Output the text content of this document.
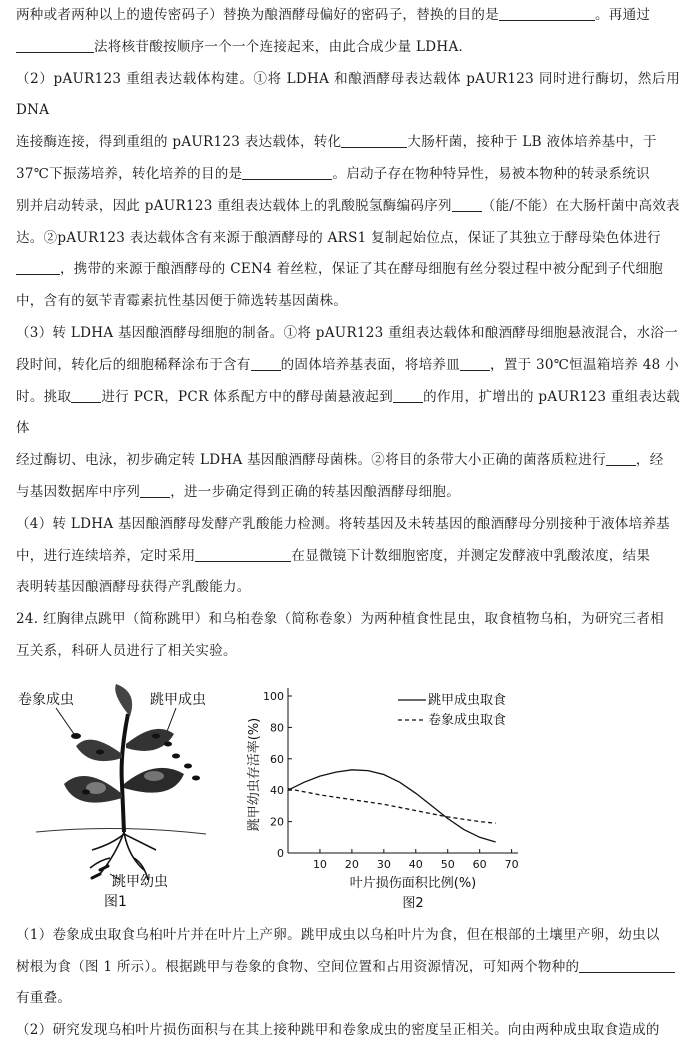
两种或者两种以上的遗传密码子）替换为酿酒酵母偏好的密码子，替换的目的是	。再通过

法将核苷酸按顺序一个一个连接起来，由此合成少量 LDHA．

（2）pAUR123 重组表达载体构建。①将 LDHA 和酿酒酵母表达载体 pAUR123 同时进行酶切，然后用 DNA

连接酶连接，得到重组的 pAUR123 表达载体，转化	大肠杆菌，接种于 LB 液体培养基中，于

37℃下振荡培养，转化培养的目的是	。启动子存在物种特异性，易被本物种的转录系统识

别并启动转录，因此 pAUR123 重组表达载体上的乳酸脱氢酶编码序列 （能/不能）在大肠杆菌中高效表

达。②pAUR123 表达载体含有来源于酿酒酵母的 ARS1 复制起始位点，保证了其独立于酵母染色体进行

，携带的来源于酿酒酵母的 CEN4 着丝粒，保证了其在酵母细胞有丝分裂过程中被分配到子代细胞

中，含有的氨苄青霉素抗性基因便于筛选转基因菌株。

（3）转 LDHA 基因酿酒酵母细胞的制备。①将 pAUR123 重组表达载体和酿酒酵母细胞悬液混合，水浴一

段时间，转化后的细胞稀释涂布于含有 的固体培养基表面，将培养皿 ，置于 30℃恒温箱培养 48 小

时。挑取 进行 PCR，PCR 体系配方中的酵母菌悬液起到 的作用，扩增出的 pAUR123 重组表达载体

经过酶切、电泳，初步确定转 LDHA 基因酿酒酵母菌株。②将目的条带大小正确的菌落质粒进行 ，经

与基因数据库中序列 ，进一步确定得到正确的转基因酿酒酵母细胞。

（4）转 LDHA 基因酿酒酵母发酵产乳酸能力检测。将转基因及未转基因的酿酒酵母分别接种于液体培养基

中，进行连续培养，定时采用	在显微镜下计数细胞密度，并测定发酵液中乳酸浓度，结果

表明转基因酿酒酵母获得产乳酸能力。

24. 红胸律点跳甲（简称跳甲）和乌桕卷象（简称卷象）为两种植食性昆虫，取食植物乌桕，为研究三者相

互关系，科研人员进行了相关实验。

卷象成虫	跳甲成虫
跳甲幼虫
图1
0
20
40
60
80
100
10 20 30 40 50 60 70
叶片损伤面积比例(%)
跳甲幼虫存活率(%)
图2
跳甲成虫取食
卷象成虫取食

（1）卷象成虫取食乌桕叶片并在叶片上产卵。跳甲成虫以乌桕叶片为食，但在根部的土壤里产卵，幼虫以

树根为食（图 1 所示）。根据跳甲与卷象的食物、空间位置和占用资源情况，可知两个物种的

有重叠。

（2）研究发现乌桕叶片损伤面积与在其上接种跳甲和卷象成虫的密度呈正相关。向由两种成虫取食造成的
